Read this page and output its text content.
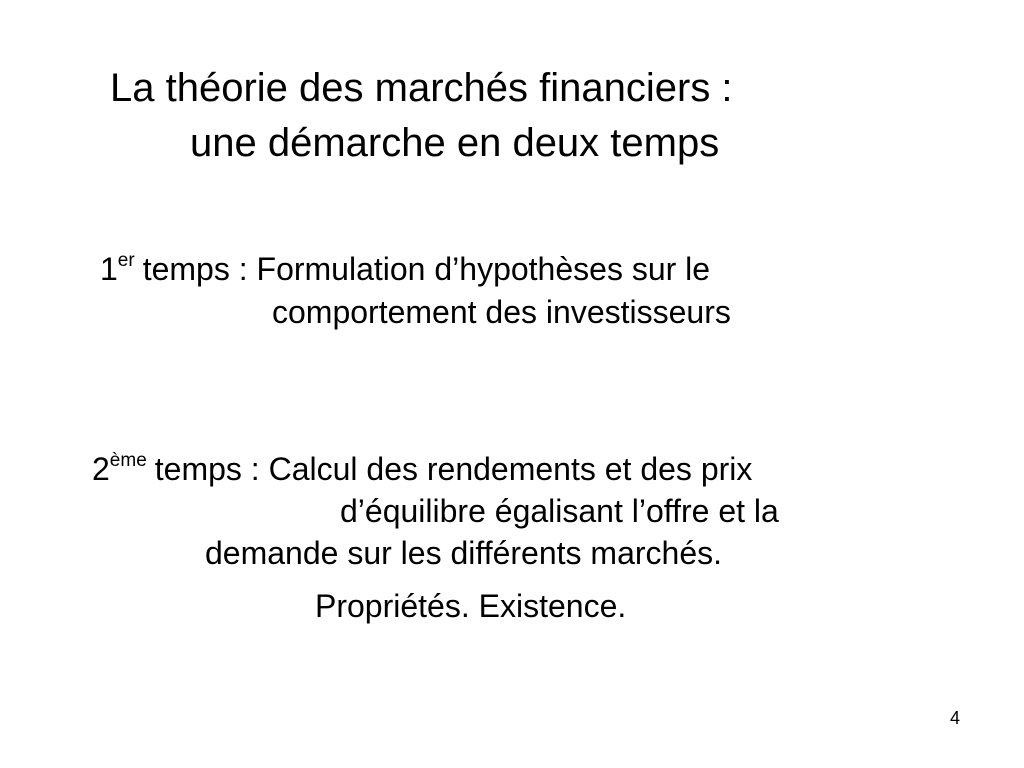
La théorie des marchés financiers :
une démarche en deux temps
1er temps : Formulation d’hypothèses sur le
comportement des investisseurs
2ème temps : Calcul des rendements et des prix
d’équilibre égalisant l’offre et la
demande sur les différents marchés.
Propriétés. Existence.
4
